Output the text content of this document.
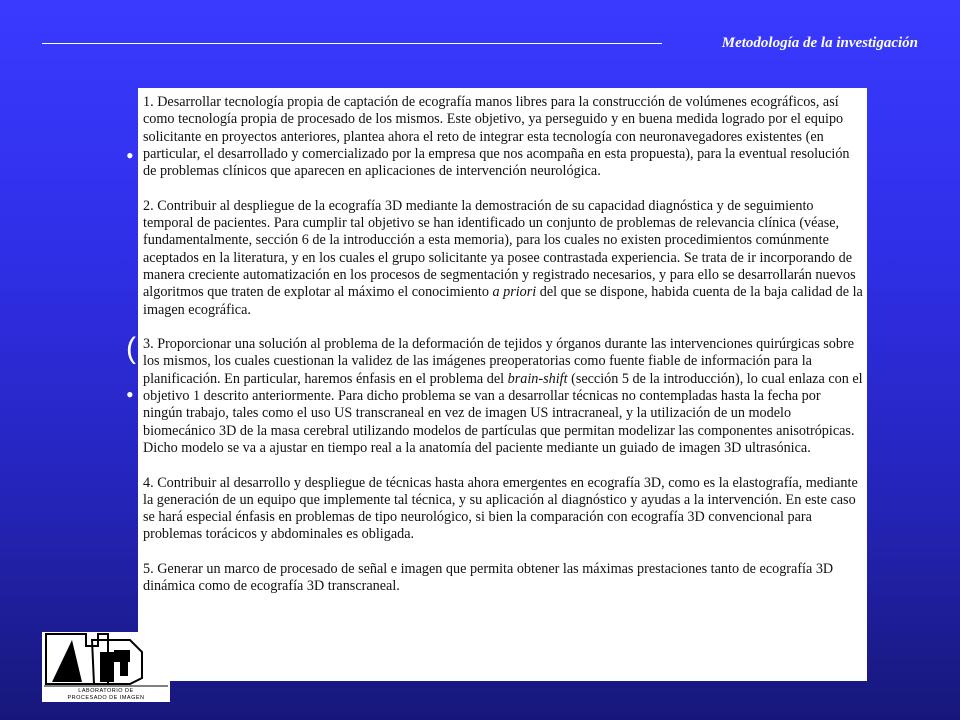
Metodología de la investigación
•
(
•

1. Desarrollar tecnología propia de captación de ecografía manos libres para la construcción de volúmenes ecográficos, así como tecnología propia de procesado de los mismos. Este objetivo, ya perseguido y en buena medida logrado por el equipo solicitante en proyectos anteriores, plantea ahora el reto de integrar esta tecnología con neuronavegadores existentes (en particular, el desarrollado y comercializado por la empresa que nos acompaña en esta propuesta), para la eventual resolución de problemas clínicos que aparecen en aplicaciones de intervención neurológica.

2. Contribuir al despliegue de la ecografía 3D mediante la demostración de su capacidad diagnóstica y de seguimiento temporal de pacientes. Para cumplir tal objetivo se han identificado un conjunto de problemas de relevancia clínica (véase, fundamentalmente, sección 6 de la introducción a esta memoria), para los cuales no existen procedimientos comúnmente aceptados en la literatura, y en los cuales el grupo solicitante ya posee contrastada experiencia. Se trata de ir incorporando de manera creciente automatización en los procesos de segmentación y registrado necesarios, y para ello se desarrollarán nuevos algoritmos que traten de explotar al máximo el conocimiento a priori del que se dispone, habida cuenta de la baja calidad de la imagen ecográfica.

3. Proporcionar una solución al problema de la deformación de tejidos y órganos durante las intervenciones quirúrgicas sobre los mismos, los cuales cuestionan la validez de las imágenes preoperatorias como fuente fiable de información para la planificación. En particular, haremos énfasis en el problema del brain-shift (sección 5 de la introducción), lo cual enlaza con el objetivo 1 descrito anteriormente. Para dicho problema se van a desarrollar técnicas no contempladas hasta la fecha por ningún trabajo, tales como el uso US transcraneal en vez de imagen US intracraneal, y la utilización de un modelo biomecánico 3D de la masa cerebral utilizando modelos de partículas que permitan modelizar las componentes anisotrópicas. Dicho modelo se va a ajustar en tiempo real a la anatomía del paciente mediante un guiado de imagen 3D ultrasónica.

4. Contribuir al desarrollo y despliegue de técnicas hasta ahora emergentes en ecografía 3D, como es la elastografía, mediante la generación de un equipo que implemente tal técnica, y su aplicación al diagnóstico y ayudas a la intervención. En este caso se hará especial énfasis en problemas de tipo neurológico, si bien la comparación con ecografía 3D convencional para problemas torácicos y abdominales es obligada.

5. Generar un marco de procesado de señal e imagen que permita obtener las máximas prestaciones tanto de ecografía 3D dinámica como de ecografía 3D transcraneal.

LABORATORIO DE
PROCESADO DE IMAGEN
